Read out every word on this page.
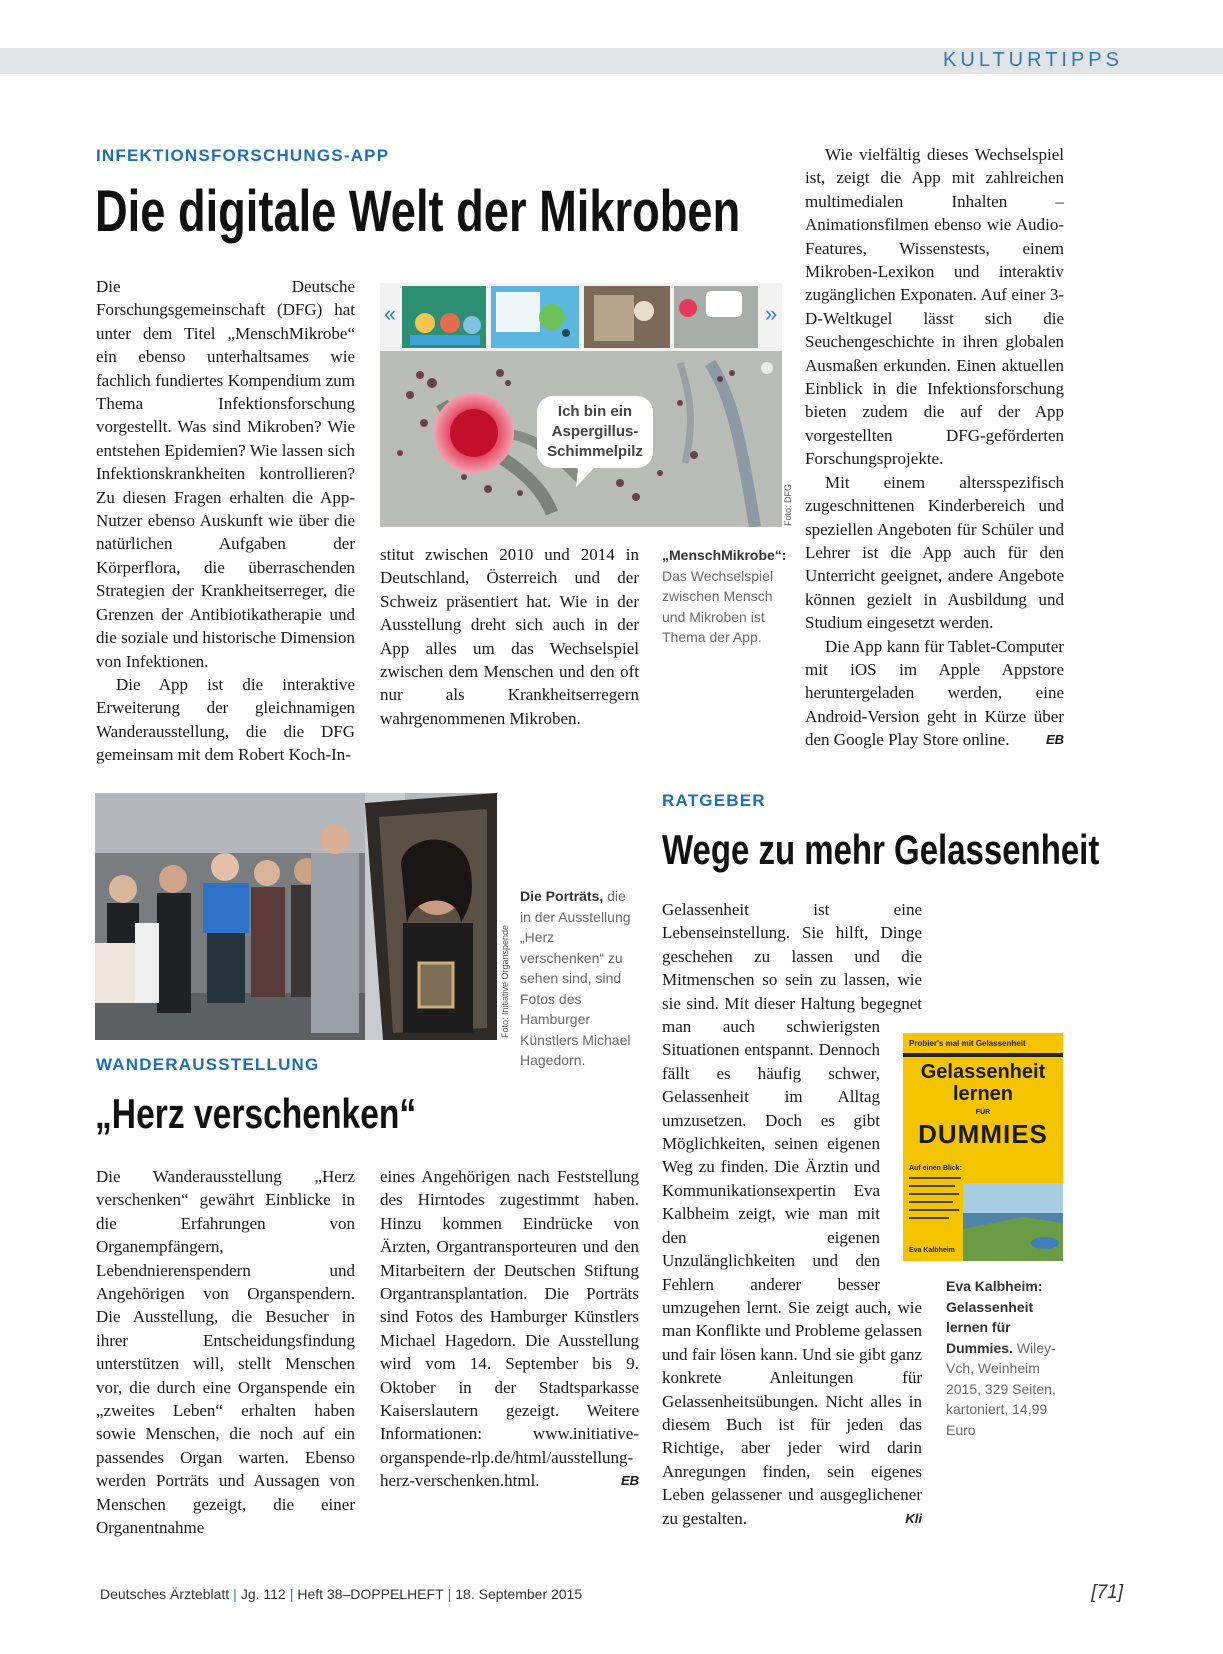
KULTURTIPPS
INFEKTIONSFORSCHUNGS-APP
Die digitale Welt der Mikroben

Die Deutsche Forschungsgemeinschaft (DFG) hat unter dem Titel „MenschMikrobe“ ein ebenso unterhaltsames wie fachlich fundiertes Kompendium zum Thema Infektionsforschung vorgestellt. Was sind Mikroben? Wie entstehen Epidemien? Wie lassen sich Infektionskrankheiten kontrollieren? Zu diesen Fragen erhalten die App-Nutzer ebenso Auskunft wie über die natürlichen Aufgaben der Körperflora, die überraschenden Strategien der Krankheitserreger, die Grenzen der Antibiotikatherapie und die soziale und historische Dimension von Infektionen.

Die App ist die interaktive Erweiterung der gleichnamigen Wanderausstellung, die die DFG gemeinsam mit dem Robert Koch-In-

Ich bin ein
Aspergillus-
Schimmelpilz
«	»
Foto: DFG

stitut zwischen 2010 und 2014 in Deutschland, Österreich und der Schweiz präsentiert hat. Wie in der Ausstellung dreht sich auch in der App alles um das Wechselspiel zwischen dem Menschen und den oft nur als Krankheitserregern wahrgenommenen Mikroben.

„MenschMikrobe“: Das Wechselspiel zwischen Mensch und Mikroben ist Thema der App.

Wie vielfältig dieses Wechselspiel ist, zeigt die App mit zahlreichen multimedialen Inhalten – Animationsfilmen ebenso wie Audio-Features, Wissenstests, einem Mikroben-Lexikon und interaktiv zugänglichen Exponaten. Auf einer 3-D-Weltkugel lässt sich die Seuchengeschichte in ihren globalen Ausmaßen erkunden. Einen aktuellen Einblick in die Infektionsforschung bieten zudem die auf der App vorgestellten DFG-geförderten Forschungsprojekte.

Mit einem altersspezifisch zugeschnittenen Kinderbereich und speziellen Angeboten für Schüler und Lehrer ist die App auch für den Unterricht geeignet, andere Angebote können gezielt in Ausbildung und Studium eingesetzt werden.

Die App kann für Tablet-Computer mit iOS im Apple Appstore heruntergeladen werden, eine Android-Version geht in Kürze über den Google Play Store online.	EB

Foto: Initiative Organspende
Die Porträts, die in der Ausstellung „Herz verschenken“ zu sehen sind, sind Fotos des Hamburger Künstlers Michael Hagedorn.
WANDERAUSSTELLUNG
„Herz verschenken“

Die Wanderausstellung „Herz verschenken“ gewährt Einblicke in die Erfahrungen von Organempfängern, Lebendnierenspendern und Angehörigen von Organspendern. Die Ausstellung, die Besucher in ihrer Entscheidungsfindung unterstützen will, stellt Menschen vor, die durch eine Organspende ein „zweites Leben“ erhalten haben sowie Menschen, die noch auf ein passendes Organ warten. Ebenso werden Porträts und Aussagen von Menschen gezeigt, die einer Organentnahme

eines Angehörigen nach Feststellung des Hirntodes zugestimmt haben. Hinzu kommen Eindrücke von Ärzten, Organtransporteuren und den Mitarbeitern der Deutschen Stiftung Organtransplantation. Die Porträts sind Fotos des Hamburger Künstlers Michael Hagedorn. Die Ausstellung wird vom 14. September bis 9. Oktober in der Stadtsparkasse Kaiserslautern gezeigt. Weitere Informationen: www.initiative-organspende-rlp.de/html/ausstellung-herz-verschenken.html.	EB

RATGEBER
Wege zu mehr Gelassenheit
Probier's mal mit Gelassenheit
Gelassenheit
lernen
FÜR
DUMMIES
Auf einen Blick:
Eva Kalbheim

Gelassenheit ist eine Lebenseinstellung. Sie hilft, Dinge geschehen zu lassen und die Mitmenschen so sein zu lassen, wie sie sind. Mit dieser Haltung begegnet man auch schwierigsten Situationen entspannt. Dennoch fällt es häufig schwer, Gelassenheit im Alltag umzusetzen. Doch es gibt Möglichkeiten, seinen eigenen Weg zu finden. Die Ärztin und Kommunikationsexpertin Eva Kalbheim zeigt, wie man mit den eigenen Unzulänglichkeiten und den Fehlern anderer besser umzugehen lernt. Sie zeigt auch, wie man Konflikte und Probleme gelassen und fair lösen kann. Und sie gibt ganz konkrete Anleitungen für Gelassenheitsübungen. Nicht alles in diesem Buch ist für jeden das Richtige, aber jeder wird darin Anregungen finden, sein eigenes Leben gelassener und ausgeglichener zu gestalten.	Kli

Eva Kalbheim: Gelassenheit lernen für Dummies. Wiley-Vch, Weinheim 2015, 329 Seiten, kartoniert, 14,99 Euro
Deutsches Ärzteblatt | Jg. 112 | Heft 38–DOPPELHEFT | 18. September 2015	[71]
